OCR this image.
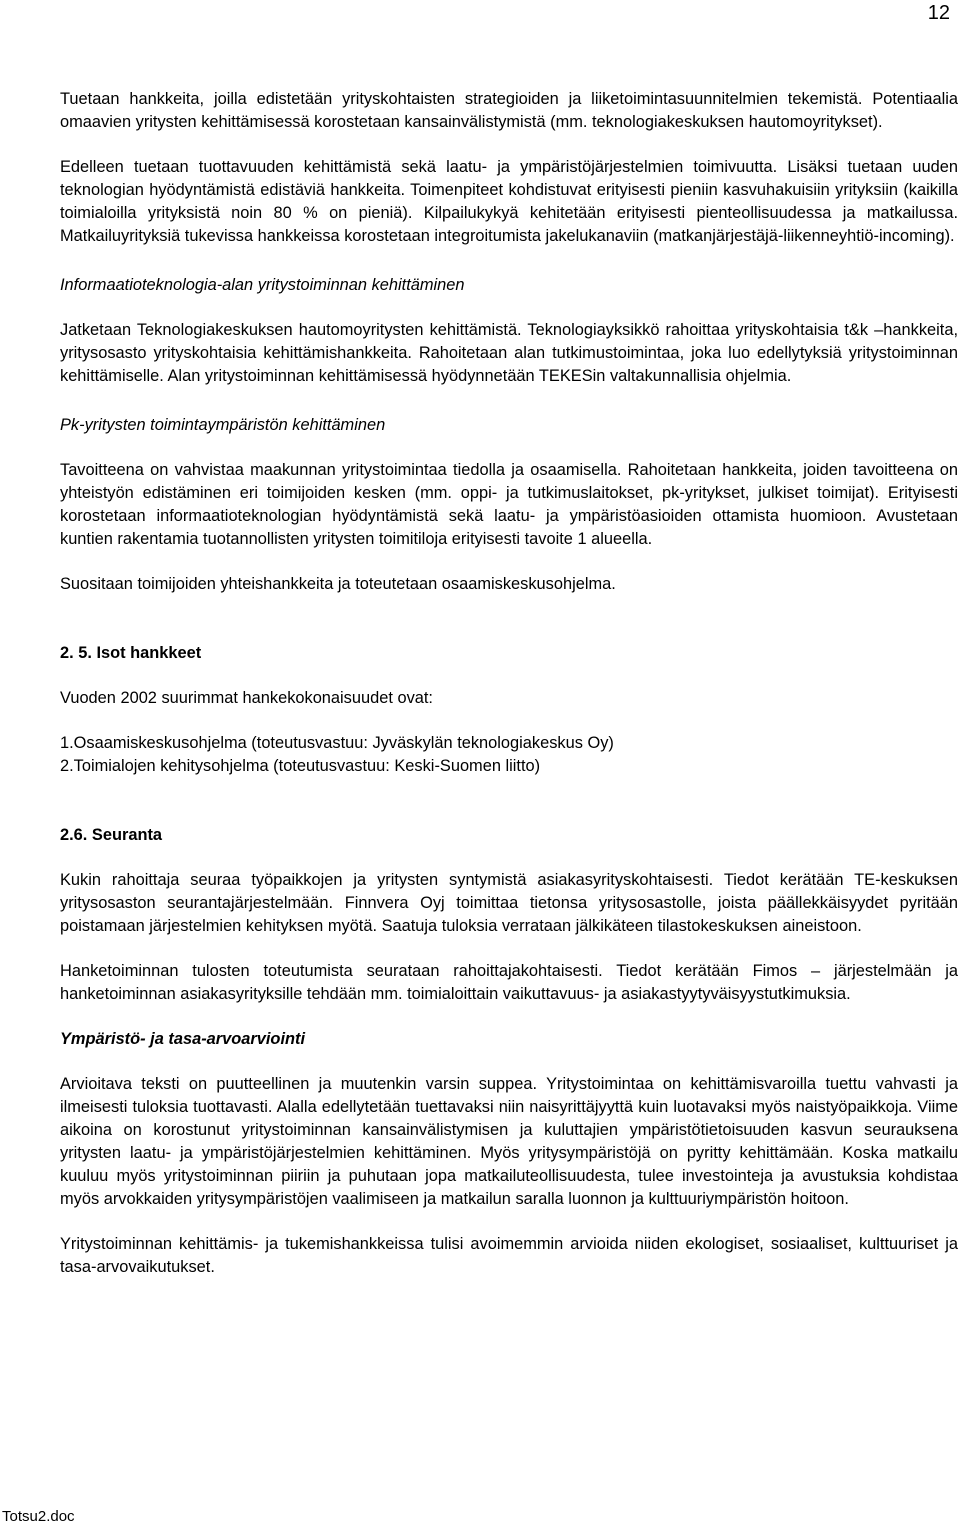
12

Tuetaan hankkeita, joilla edistetään yrityskohtaisten strategioiden ja liiketoimintasuunnitelmien tekemistä. Potentiaalia omaavien yritysten kehittämisessä korostetaan kansainvälistymistä (mm. teknologiakeskuksen hautomoyritykset).

Edelleen tuetaan tuottavuuden kehittämistä sekä laatu- ja ympäristöjärjestelmien toimivuutta. Lisäksi tuetaan uuden teknologian hyödyntämistä edistäviä hankkeita. Toimenpiteet kohdistuvat erityisesti pieniin kasvuhakuisiin yrityksiin (kaikilla toimialoilla yrityksistä noin 80 % on pieniä). Kilpailukykyä kehitetään erityisesti pienteollisuudessa ja matkailussa. Matkailuyrityksiä tukevissa hankkeissa korostetaan integroitumista jakelukanaviin (matkanjärjestäjä-liikenneyhtiö-incoming).

Informaatioteknologia-alan yritystoiminnan kehittäminen

Jatketaan Teknologiakeskuksen hautomoyritysten kehittämistä. Teknologiayksikkö rahoittaa yrityskohtaisia t&k –hankkeita, yritysosasto yrityskohtaisia kehittämishankkeita. Rahoitetaan alan tutkimustoimintaa, joka luo edellytyksiä yritystoiminnan kehittämiselle. Alan yritystoiminnan kehittämisessä hyödynnetään TEKESin valtakunnallisia ohjelmia.

Pk-yritysten toimintaympäristön kehittäminen

Tavoitteena on vahvistaa maakunnan yritystoimintaa tiedolla ja osaamisella. Rahoitetaan hankkeita, joiden tavoitteena on yhteistyön edistäminen eri toimijoiden kesken (mm. oppi- ja tutkimuslaitokset, pk-yritykset, julkiset toimijat). Erityisesti korostetaan informaatioteknologian hyödyntämistä sekä laatu- ja ympäristöasioiden ottamista huomioon. Avustetaan kuntien rakentamia tuotannollisten yritysten toimitiloja erityisesti tavoite 1 alueella.

Suositaan toimijoiden yhteishankkeita ja toteutetaan osaamiskeskusohjelma.

2. 5. Isot hankkeet

Vuoden 2002 suurimmat hankekokonaisuudet ovat:

1.Osaamiskeskusohjelma (toteutusvastuu: Jyväskylän teknologiakeskus Oy)
2.Toimialojen kehitysohjelma (toteutusvastuu: Keski-Suomen liitto)

2.6. Seuranta

Kukin rahoittaja seuraa työpaikkojen ja yritysten syntymistä asiakasyrityskohtaisesti. Tiedot kerätään TE-keskuksen yritysosaston seurantajärjestelmään. Finnvera Oyj toimittaa tietonsa yritysosastolle, joista päällekkäisyydet pyritään poistamaan järjestelmien kehityksen myötä. Saatuja tuloksia verrataan jälkikäteen tilastokeskuksen aineistoon.

Hanketoiminnan tulosten toteutumista seurataan rahoittajakohtaisesti. Tiedot kerätään Fimos – järjestelmään ja hanketoiminnan asiakasyrityksille tehdään mm. toimialoittain vaikuttavuus- ja asiakastyytyväisyystutkimuksia.

Ympäristö- ja tasa-arvoarviointi

Arvioitava teksti on puutteellinen ja muutenkin varsin suppea. Yritystoimintaa on kehittämisvaroilla tuettu vahvasti ja ilmeisesti tuloksia tuottavasti. Alalla edellytetään tuettavaksi niin naisyrittäjyyttä kuin luotavaksi myös naistyöpaikkoja. Viime aikoina on korostunut yritystoiminnan kansainvälistymisen ja kuluttajien ympäristötietoisuuden kasvun seurauksena yritysten laatu- ja ympäristöjärjestelmien kehittäminen. Myös yritysympäristöjä on pyritty kehittämään. Koska matkailu kuuluu myös yritystoiminnan piiriin ja puhutaan jopa matkailuteollisuudesta, tulee investointeja ja avustuksia kohdistaa myös arvokkaiden yritysympäristöjen vaalimiseen ja matkailun saralla luonnon ja kulttuuriympäristön hoitoon.

Yritystoiminnan kehittämis- ja tukemishankkeissa tulisi avoimemmin arvioida niiden ekologiset, sosiaaliset, kulttuuriset ja tasa-arvovaikutukset.

Totsu2.doc
